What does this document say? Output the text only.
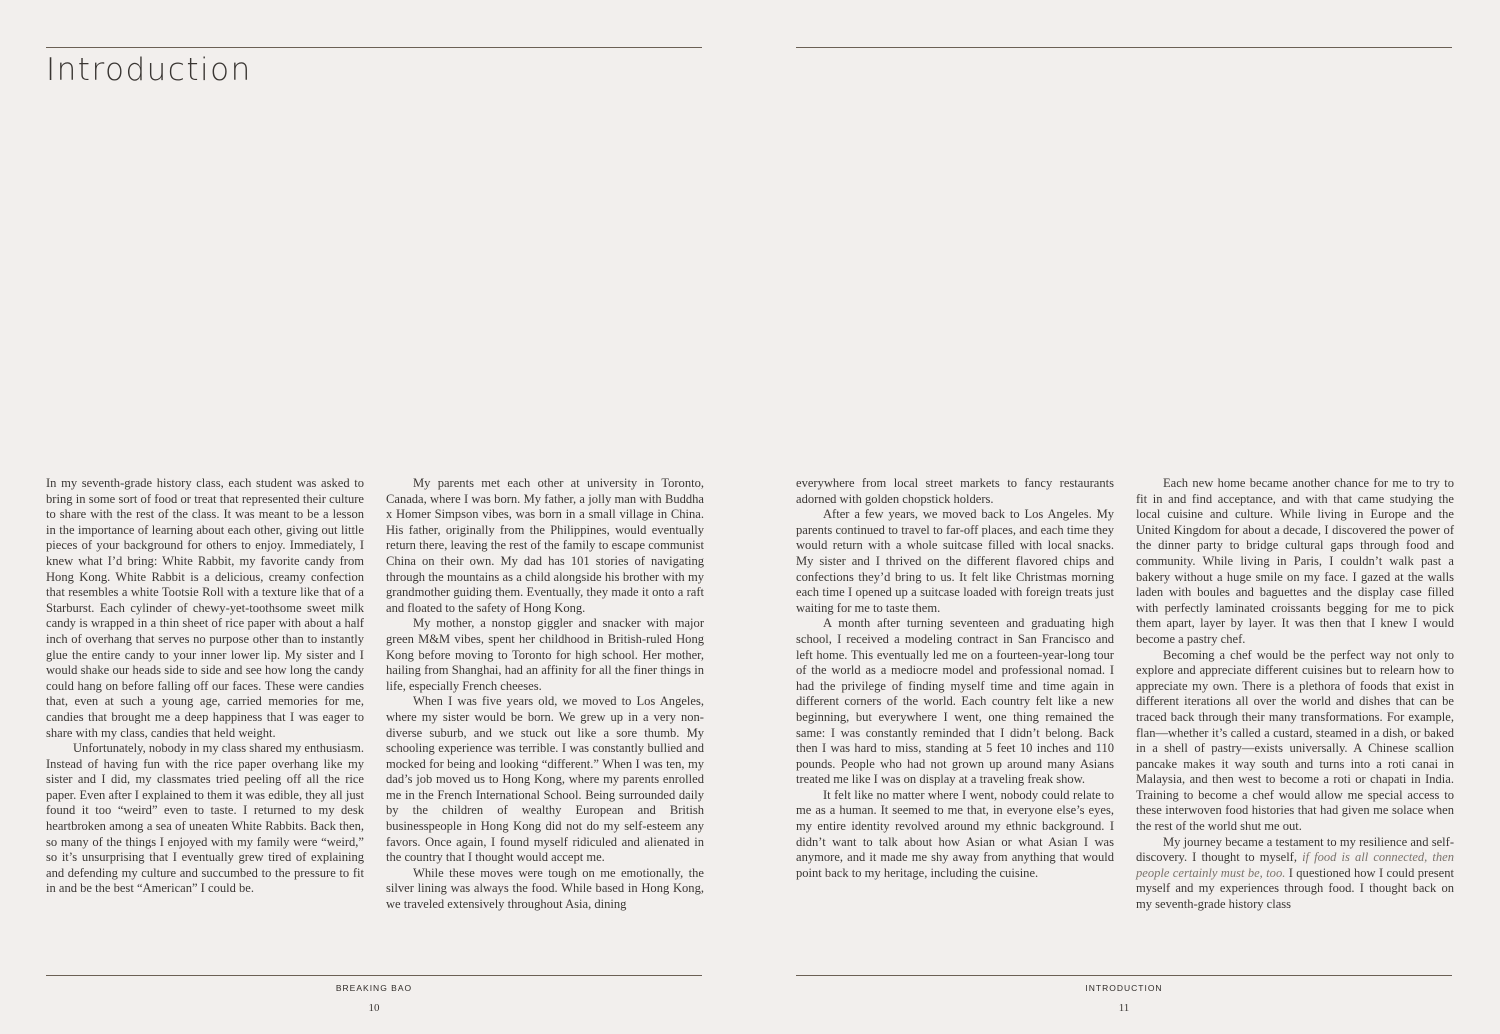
Introduction

In my seventh-grade history class, each student was asked to bring in some sort of food or treat that represented their culture to share with the rest of the class. It was meant to be a lesson in the importance of learning about each other, giving out little pieces of your background for others to enjoy. Immediately, I knew what I’d bring: White Rabbit, my favorite candy from Hong Kong. White Rabbit is a delicious, creamy confection that resembles a white Tootsie Roll with a texture like that of a Starburst. Each cylinder of chewy-yet-toothsome sweet milk candy is wrapped in a thin sheet of rice paper with about a half inch of overhang that serves no purpose other than to instantly glue the entire candy to your inner lower lip. My sister and I would shake our heads side to side and see how long the candy could hang on before falling off our faces. These were candies that, even at such a young age, carried memories for me, candies that brought me a deep happiness that I was eager to share with my class, candies that held weight.

Unfortunately, nobody in my class shared my enthusiasm. Instead of having fun with the rice paper overhang like my sister and I did, my classmates tried peeling off all the rice paper. Even after I explained to them it was edible, they all just found it too “weird” even to taste. I returned to my desk heartbroken among a sea of uneaten White Rabbits. Back then, so many of the things I enjoyed with my family were “weird,” so it’s unsurprising that I eventually grew tired of explaining and defending my culture and succumbed to the pressure to fit in and be the best “American” I could be.

My parents met each other at university in Toronto, Canada, where I was born. My father, a jolly man with Buddha x Homer Simpson vibes, was born in a small village in China. His father, originally from the Philippines, would eventually return there, leaving the rest of the family to escape communist China on their own. My dad has 101 stories of navigating through the mountains as a child alongside his brother with my grandmother guiding them. Eventually, they made it onto a raft and floated to the safety of Hong Kong.

My mother, a nonstop giggler and snacker with major green M&M vibes, spent her childhood in British-ruled Hong Kong before moving to Toronto for high school. Her mother, hailing from Shanghai, had an affinity for all the finer things in life, especially French cheeses.

When I was five years old, we moved to Los Angeles, where my sister would be born. We grew up in a very non-diverse suburb, and we stuck out like a sore thumb. My schooling experience was terrible. I was constantly bullied and mocked for being and looking “different.” When I was ten, my dad’s job moved us to Hong Kong, where my parents enrolled me in the French International School. Being surrounded daily by the children of wealthy European and British businesspeople in Hong Kong did not do my self-esteem any favors. Once again, I found myself ridiculed and alienated in the country that I thought would accept me.

While these moves were tough on me emotionally, the silver lining was always the food. While based in Hong Kong, we traveled extensively throughout Asia, dining

BREAKING BAO
10

everywhere from local street markets to fancy restaurants adorned with golden chopstick holders.

After a few years, we moved back to Los Angeles. My parents continued to travel to far-off places, and each time they would return with a whole suitcase filled with local snacks. My sister and I thrived on the different flavored chips and confections they’d bring to us. It felt like Christmas morning each time I opened up a suitcase loaded with foreign treats just waiting for me to taste them.

A month after turning seventeen and graduating high school, I received a modeling contract in San Francisco and left home. This eventually led me on a fourteen-year-long tour of the world as a mediocre model and professional nomad. I had the privilege of finding myself time and time again in different corners of the world. Each country felt like a new beginning, but everywhere I went, one thing remained the same: I was constantly reminded that I didn’t belong. Back then I was hard to miss, standing at 5 feet 10 inches and 110 pounds. People who had not grown up around many Asians treated me like I was on display at a traveling freak show.

It felt like no matter where I went, nobody could relate to me as a human. It seemed to me that, in everyone else’s eyes, my entire identity revolved around my ethnic background. I didn’t want to talk about how Asian or what Asian I was anymore, and it made me shy away from anything that would point back to my heritage, including the cuisine.

Each new home became another chance for me to try to fit in and find acceptance, and with that came studying the local cuisine and culture. While living in Europe and the United Kingdom for about a decade, I discovered the power of the dinner party to bridge cultural gaps through food and community. While living in Paris, I couldn’t walk past a bakery without a huge smile on my face. I gazed at the walls laden with boules and baguettes and the display case filled with perfectly laminated croissants begging for me to pick them apart, layer by layer. It was then that I knew I would become a pastry chef.

Becoming a chef would be the perfect way not only to explore and appreciate different cuisines but to relearn how to appreciate my own. There is a plethora of foods that exist in different iterations all over the world and dishes that can be traced back through their many transformations. For example, flan—whether it’s called a custard, steamed in a dish, or baked in a shell of pastry—exists universally. A Chinese scallion pancake makes it way south and turns into a roti canai in Malaysia, and then west to become a roti or chapati in India. Training to become a chef would allow me special access to these interwoven food histories that had given me solace when the rest of the world shut me out.

My journey became a testament to my resilience and self-discovery. I thought to myself, if food is all connected, then people certainly must be, too. I questioned how I could present myself and my experiences through food. I thought back on my seventh-grade history class

INTRODUCTION
11
